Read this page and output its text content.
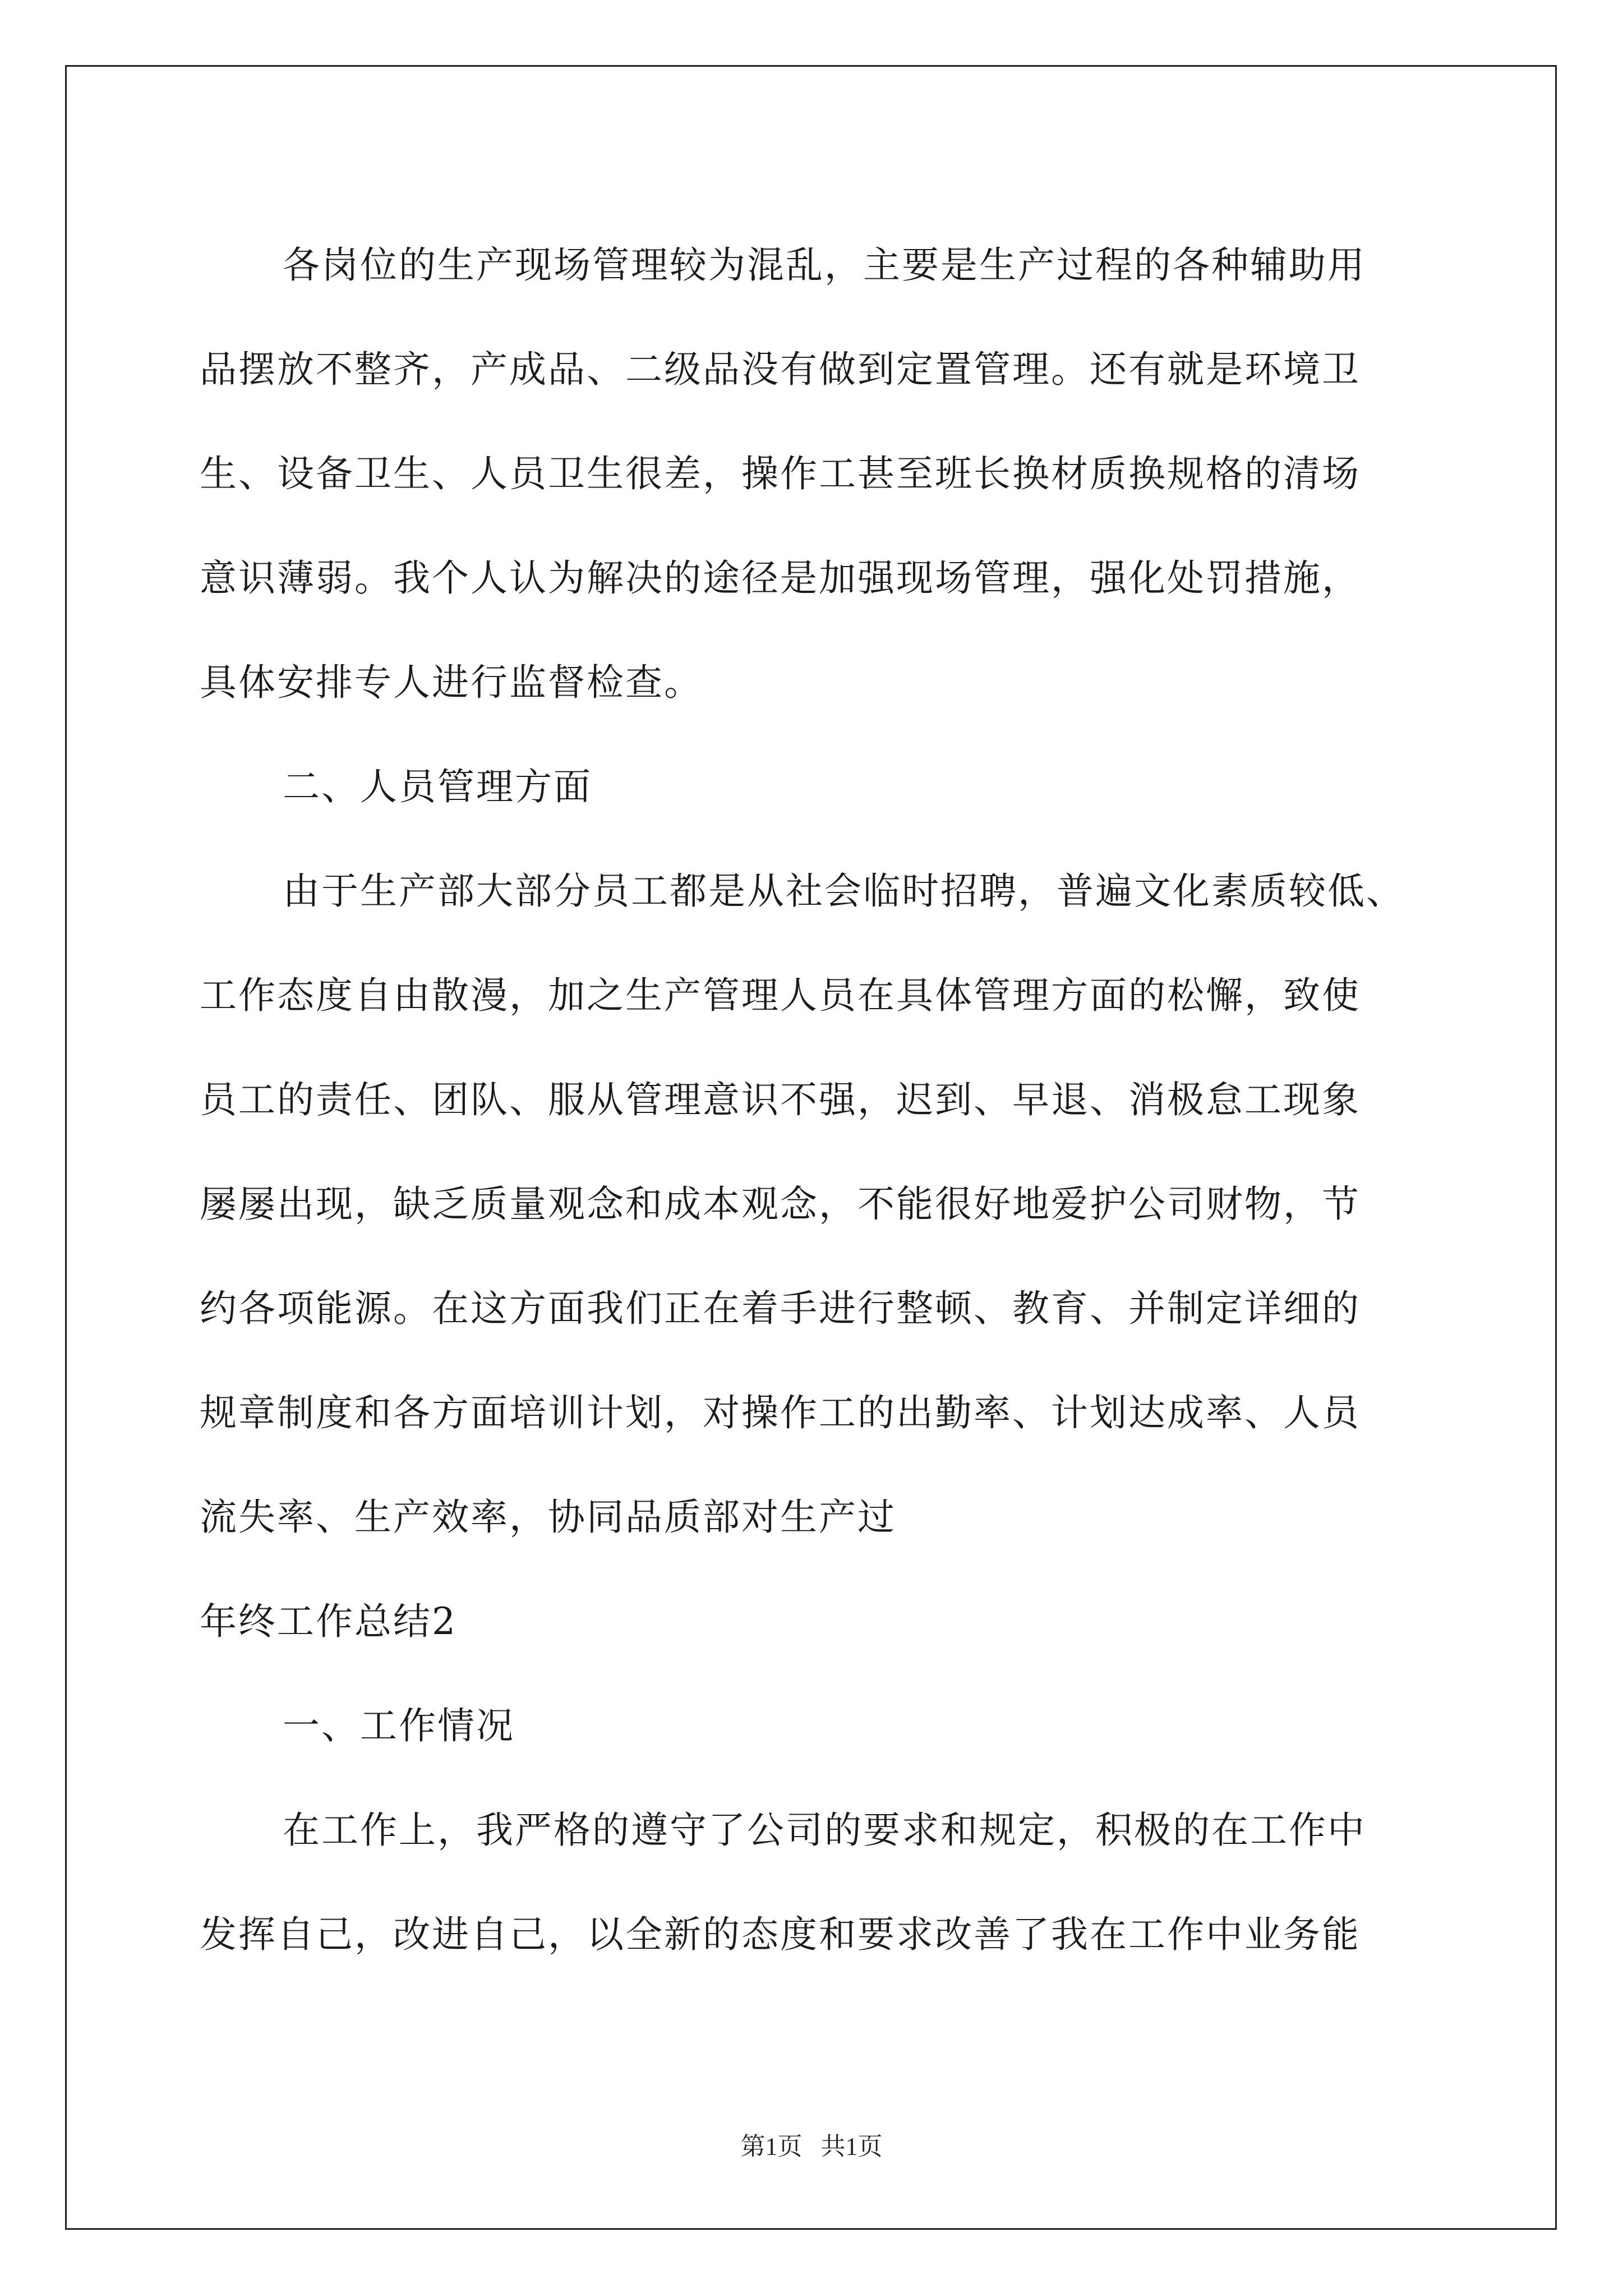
各岗位的生产现场管理较为混乱，主要是生产过程的各种辅助用
品摆放不整齐，产成品、二级品没有做到定置管理。还有就是环境卫
生、设备卫生、人员卫生很差，操作工甚至班长换材质换规格的清场
意识薄弱。我个人认为解决的途径是加强现场管理，强化处罚措施，
具体安排专人进行监督检查。
二、人员管理方面
由于生产部大部分员工都是从社会临时招聘，普遍文化素质较低、
工作态度自由散漫，加之生产管理人员在具体管理方面的松懈，致使
员工的责任、团队、服从管理意识不强，迟到、早退、消极怠工现象
屡屡出现，缺乏质量观念和成本观念，不能很好地爱护公司财物，节
约各项能源。在这方面我们正在着手进行整顿、教育、并制定详细的
规章制度和各方面培训计划，对操作工的出勤率、计划达成率、人员
流失率、生产效率，协同品质部对生产过
年终工作总结2
一、工作情况
在工作上，我严格的遵守了公司的要求和规定，积极的在工作中
发挥自己，改进自己，以全新的态度和要求改善了我在工作中业务能
第1页   共1页
